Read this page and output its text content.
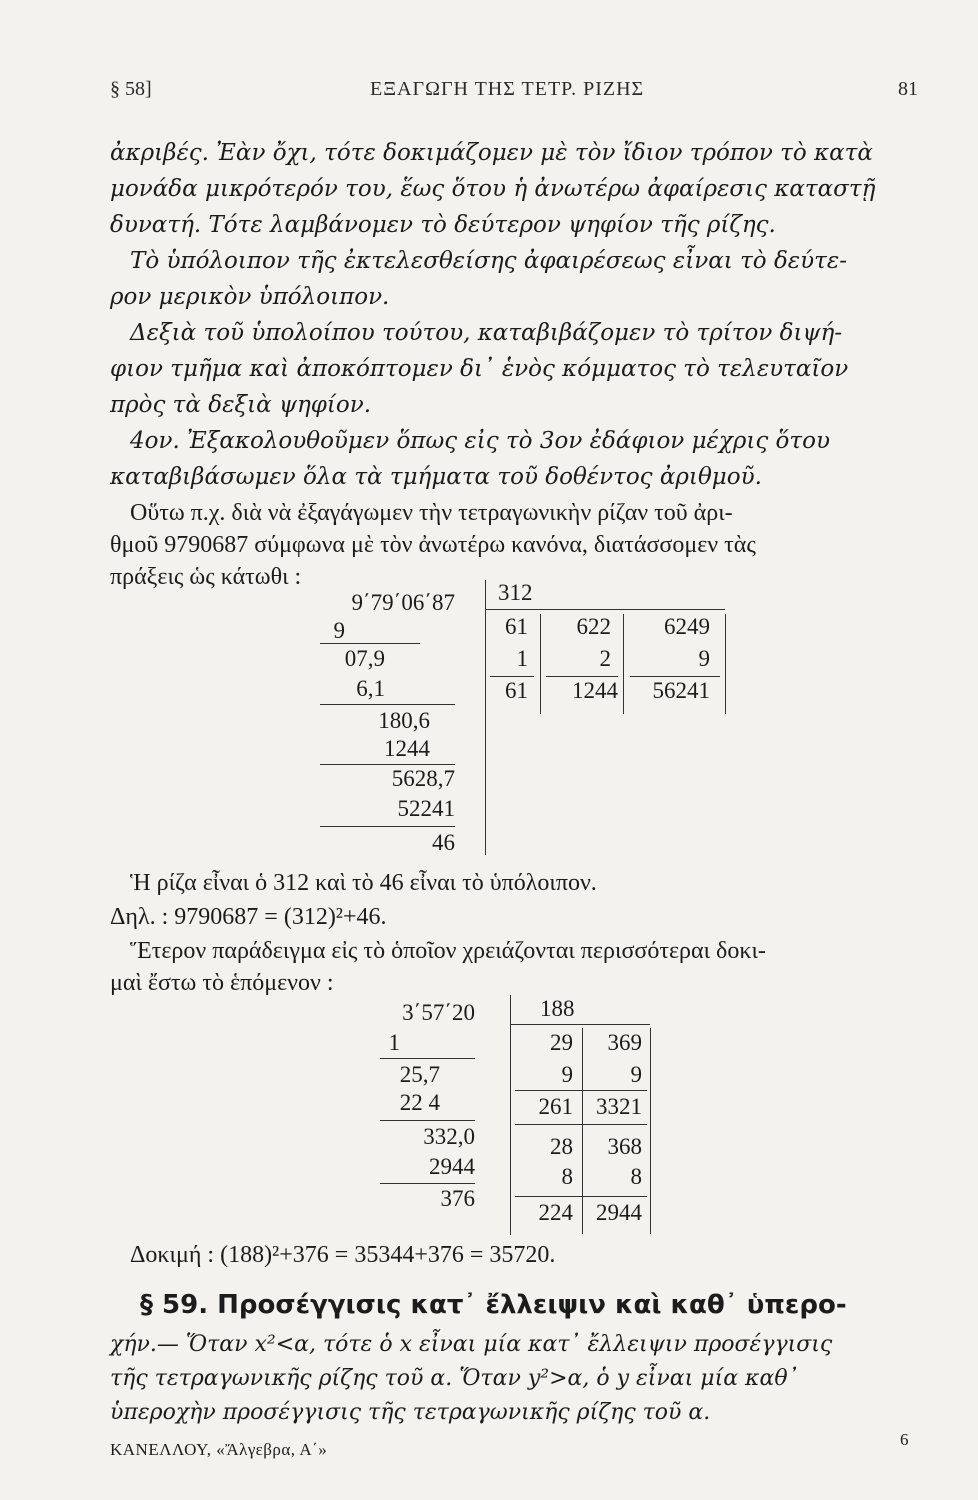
§ 58]	ΕΞΑΓΩΓΗ ΤΗΣ ΤΕΤΡ. ΡΙΖΗΣ	81
ἀκριβές. Ἐὰν ὄχι, τότε δοκιμάζομεν μὲ τὸν ἴδιον τρόπον τὸ κατὰ
μονάδα μικρότερόν του, ἕως ὅτου ἡ ἀνωτέρω ἀφαίρεσις καταστῇ
δυνατή. Τότε λαμβάνομεν τὸ δεύτερον ψηφίον τῆς ρίζης.
Τὸ ὑπόλοιπον τῆς ἐκτελεσθείσης ἀφαιρέσεως εἶναι τὸ δεύτε-
ρον μερικὸν ὑπόλοιπον.
Δεξιὰ τοῦ ὑπολοίπου τούτου, καταβιβάζομεν τὸ τρίτον διψή-
φιον τμῆμα καὶ ἀποκόπτομεν δι᾽ ἑνὸς κόμματος τὸ τελευταῖον
πρὸς τὰ δεξιὰ ψηφίον.
4ον. Ἐξακολουθοῦμεν ὅπως εἰς τὸ 3ον ἐδάφιον μέχρις ὅτου
καταβιβάσωμεν ὅλα τὰ τμήματα τοῦ δοθέντος ἀριθμοῦ.
Οὕτω π.χ. διὰ νὰ ἐξαγάγωμεν τὴν τετραγωνικὴν ρίζαν τοῦ ἀρι-
θμοῦ 9790687 σύμφωνα μὲ τὸν ἀνωτέρω κανόνα, διατάσσομεν τὰς
πράξεις ὡς κάτωθι :
9΄79΄06΄87
9
07,9
6,1
180,6
1244
5628,7
52241
46
312
61	622	6249
1	2	9
61	1244	56241
Ἡ ρίζα εἶναι ὁ 312 καὶ τὸ 46 εἶναι τὸ ὑπόλοιπον.
Δηλ. : 9790687 = (312)²+46.
Ἕτερον παράδειγμα εἰς τὸ ὁποῖον χρειάζονται περισσότεραι δοκι-
μαὶ ἔστω τὸ ἑπόμενον :
3΄57΄20
1
25,7
22 4
332,0
2944
376
188
29	369
9	9
261 3321
28	368
8	8
224 2944
Δοκιμή : (188)²+376 = 35344+376 = 35720.
§ 59. Προσέγγισις κατ᾽ ἔλλειψιν καὶ καθ᾽ ὑπερο-
χήν.— Ὅταν x²<α, τότε ὁ x εἶναι μία κατ᾽ ἔλλειψιν προσέγγισις
τῆς τετραγωνικῆς ρίζης τοῦ α. Ὅταν y²>α, ὁ y εἶναι μία καθ᾽
ὑπεροχὴν προσέγγισις τῆς τετραγωνικῆς ρίζης τοῦ α.
ΚΑΝΕΛΛΟΥ, «Ἄλγεβρα, Α΄»
6
